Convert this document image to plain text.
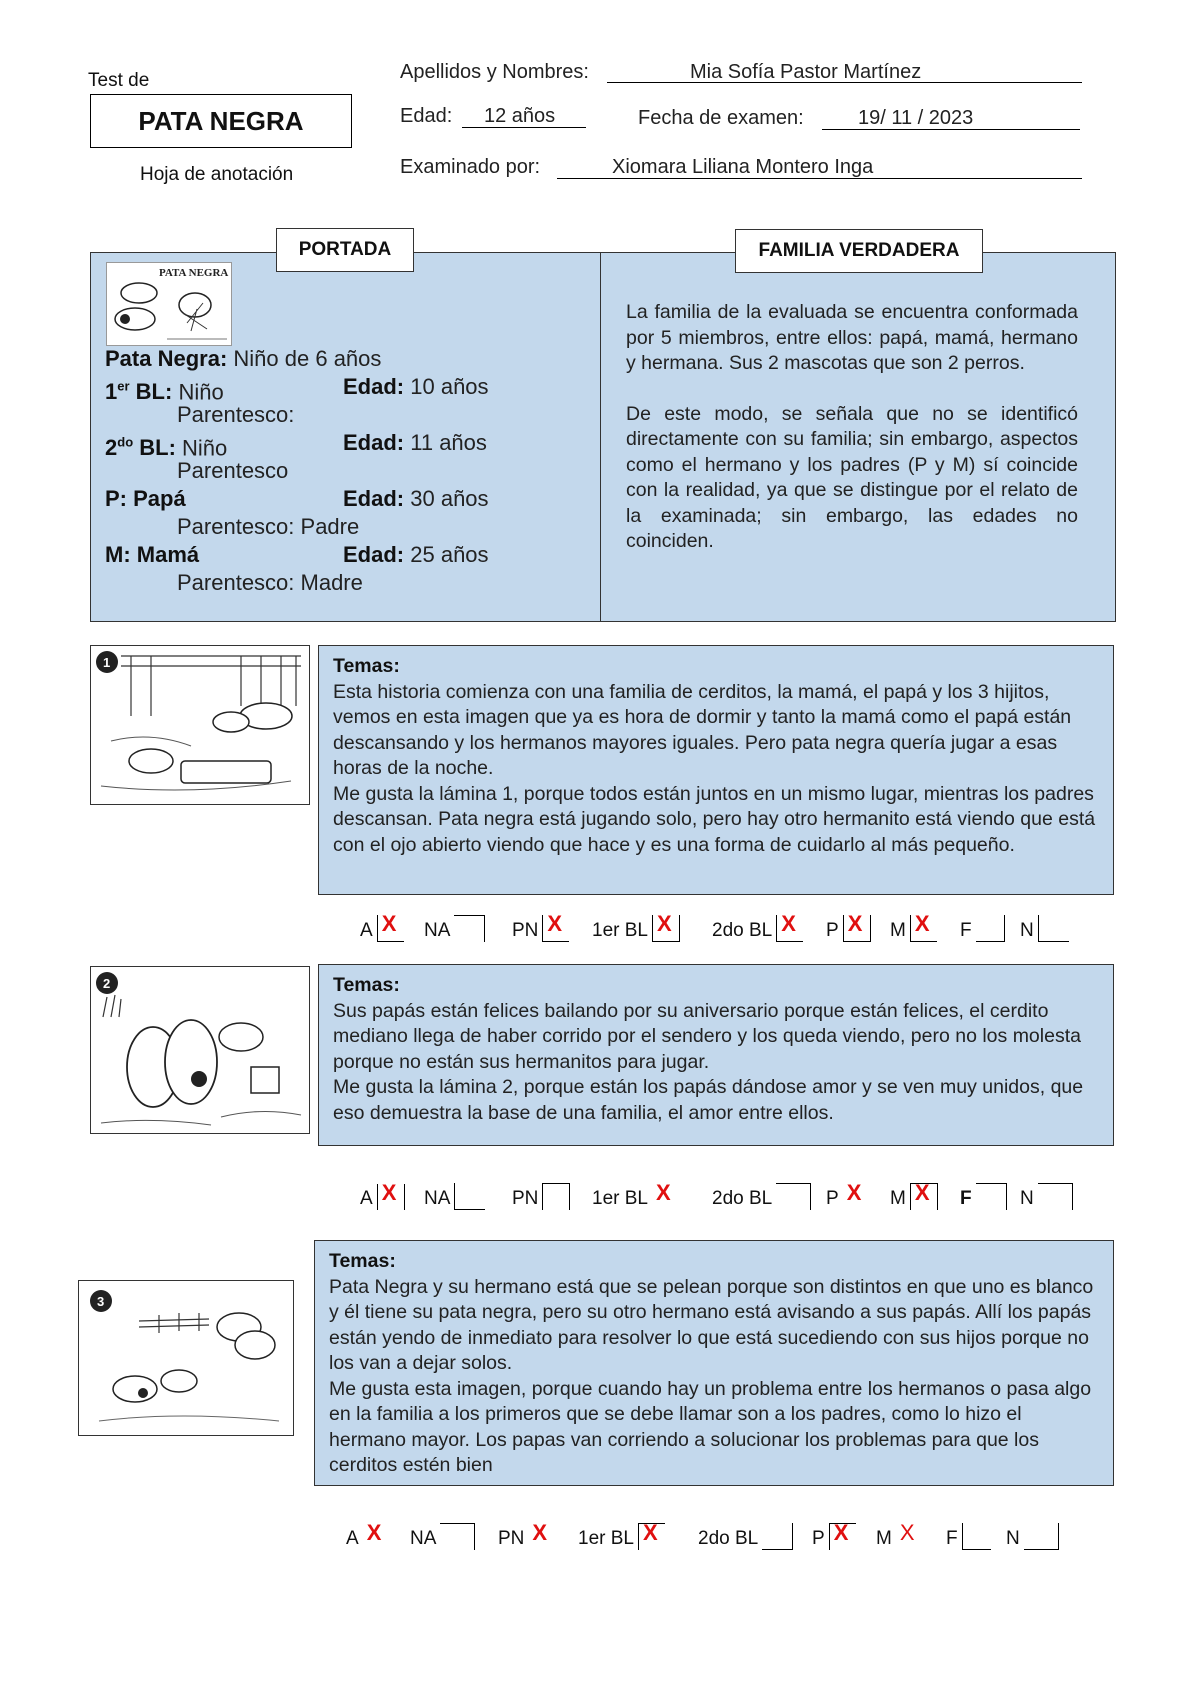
Test de
PATA NEGRA
Hoja de anotación
Apellidos y Nombres:	Mia Sofía Pastor Martínez
Edad: 12 años	Fecha de examen:	19/ 11 / 2023
Examinado por:	Xiomara Liliana Montero Inga
PORTADA	FAMILIA VERDADERA
PATA NEGRA
Pata Negra: Niño de 6 años
1er BL: Niño	Edad: 10 años
Parentesco:
$2^{do}$ BL: Niño	Edad: 11 años
Parentesco
P: Papá	Edad: 30 años
Parentesco: Padre
M: Mamá	Edad: 25 años
Parentesco: Madre

La familia de la evaluada se encuentra conformada por 5 miembros, entre ellos: papá, mamá, hermano y hermana. Sus 2 mascotas que son 2 perros.

De este modo, se señala que no se identificó directamente con su familia; sin embargo, aspectos como el hermano y los padres (P y M) sí coincide con la realidad, ya que se distingue por el relato de la examinada; sin embargo, las edades no coinciden.

1	Temas:

Esta historia comienza con una familia de cerditos, la mamá, el papá y los 3 hijitos, vemos en esta imagen que ya es hora de dormir y tanto la mamá como el papá están descansando y los hermanos mayores iguales. Pero pata negra quería jugar a esas horas de la noche.

Me gusta la lámina 1, porque todos están juntos en un mismo lugar, mientras los padres descansan. Pata negra está jugando solo, pero hay otro hermanito está viendo que está con el ojo abierto viendo que hace y es una forma de cuidarlo al más pequeño.

A X NA	PN X 1er BL X 2do BL X P X M X F	N
2	Temas:

Sus papás están felices bailando por su aniversario porque están felices, el cerdito mediano llega de haber corrido por el sendero y los queda viendo, pero no los molesta porque no están sus hermanitos para jugar.

Me gusta la lámina 2, porque están los papás dándose amor y se ven muy unidos, que eso demuestra la base de una familia, el amor entre ellos.

A X NA	PN	1er BL X 2do BL	P X M X F	N
3
Temas:

Pata Negra y su hermano está que se pelean porque son distintos en que uno es blanco y él tiene su pata negra, pero su otro hermano está avisando a sus papás. Allí los papás están yendo de inmediato para resolver lo que está sucediendo con sus hijos porque no los van a dejar solos.

Me gusta esta imagen, porque cuando hay un problema entre los hermanos o pasa algo en la familia a los primeros que se debe llamar son a los padres, como lo hizo el hermano mayor. Los papas van corriendo a solucionar los problemas para que los cerditos estén bien

A X NA	PN X 1er BL X 2do BL	P X M X F	N
